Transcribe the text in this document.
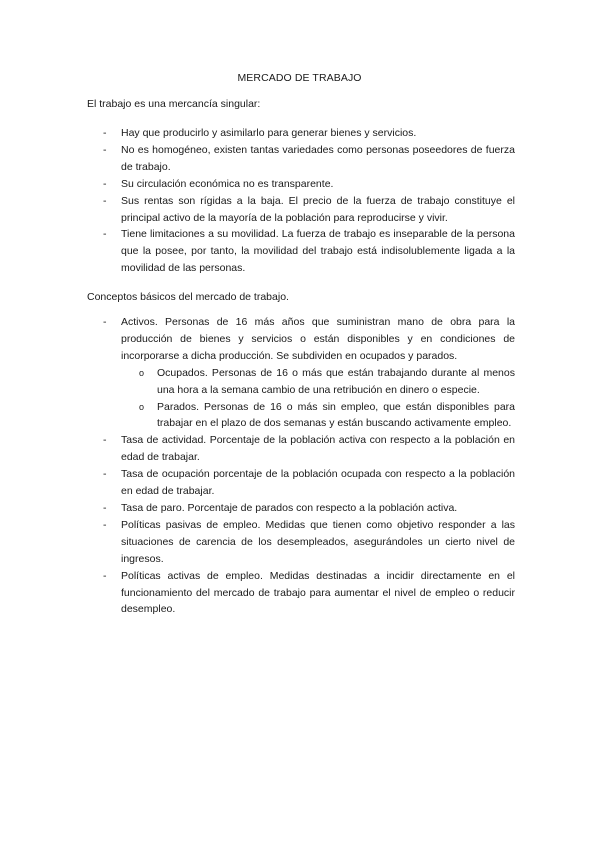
MERCADO DE TRABAJO
El trabajo es una mercancía singular:
- Hay que producirlo y asimilarlo para generar bienes y servicios.
- No es homogéneo, existen tantas variedades como personas poseedores de fuerza de trabajo.
- Su circulación económica no es transparente.
- Sus rentas son rígidas a la baja. El precio de la fuerza de trabajo constituye el principal activo de la mayoría de la población para reproducirse y vivir.
- Tiene limitaciones a su movilidad. La fuerza de trabajo es inseparable de la persona que la posee, por tanto, la movilidad del trabajo está indisolublemente ligada a la movilidad de las personas.
Conceptos básicos del mercado de trabajo.
- Activos. Personas de 16 más años que suministran mano de obra para la producción de bienes y servicios o están disponibles y en condiciones de incorporarse a dicha producción. Se subdividen en ocupados y parados.
o Ocupados. Personas de 16 o más que están trabajando durante al menos una hora a la semana cambio de una retribución en dinero o especie.
o Parados. Personas de 16 o más sin empleo, que están disponibles para trabajar en el plazo de dos semanas y están buscando activamente empleo.
- Tasa de actividad. Porcentaje de la población activa con respecto a la población en edad de trabajar.
- Tasa de ocupación porcentaje de la población ocupada con respecto a la población en edad de trabajar.
- Tasa de paro. Porcentaje de parados con respecto a la población activa.
- Políticas pasivas de empleo. Medidas que tienen como objetivo responder a las situaciones de carencia de los desempleados, asegurándoles un cierto nivel de ingresos.
- Políticas activas de empleo. Medidas destinadas a incidir directamente en el funcionamiento del mercado de trabajo para aumentar el nivel de empleo o reducir desempleo.
